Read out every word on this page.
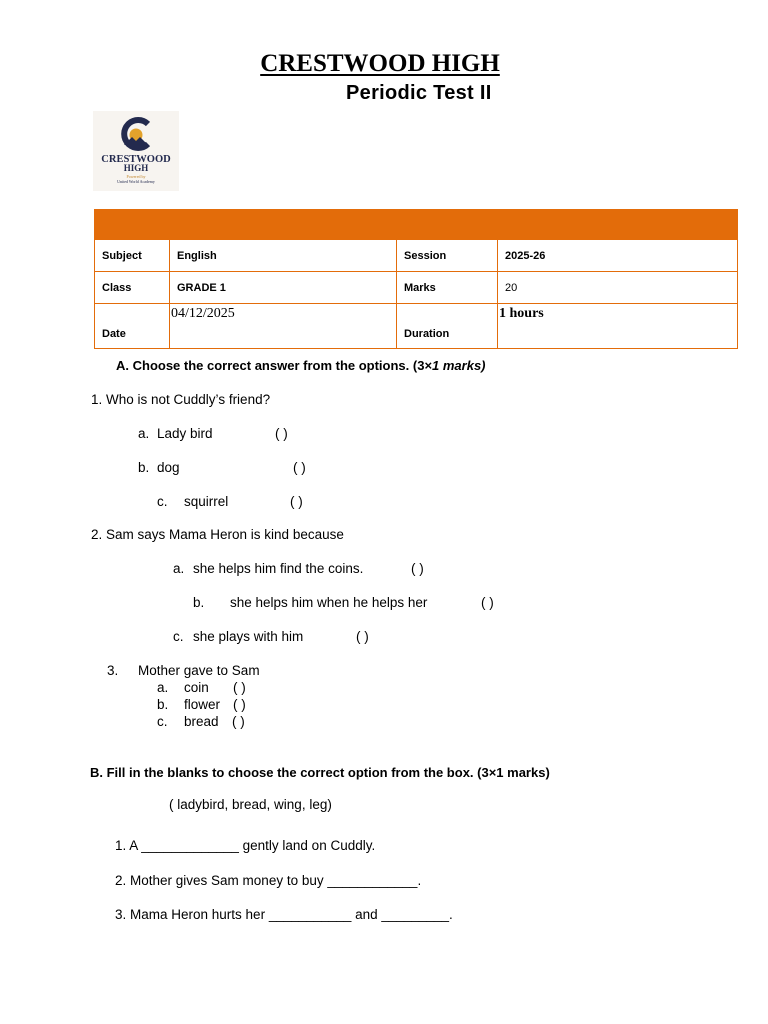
CRESTWOOD HIGH
Periodic Test II
CRESTWOOD
HIGH
Powered by
United World Academy

Subject	English	Session	2025-26
Class	GRADE 1	Marks	20
Date	04/12/2025	Duration	1 hours
A. Choose the correct answer from the options. (3×1 marks)
1. Who is not Cuddly’s friend?
a. Lady bird	( )
b. dog	( )
c. squirrel	( )
2. Sam says Mama Heron is kind because
a. she helps him find the coins.	( )
b. she helps him when he helps her	( )
c. she plays with him	( )
3. Mother gave to Sam
a. coin ( )
b. flower ( )
c. bread ( )
B. Fill in the blanks to choose the correct option from the box. (3×1 marks)
( ladybird, bread, wing, leg)
1. A _____________ gently land on Cuddly.
2. Mother gives Sam money to buy ____________.
3. Mama Heron hurts her ___________ and _________.
